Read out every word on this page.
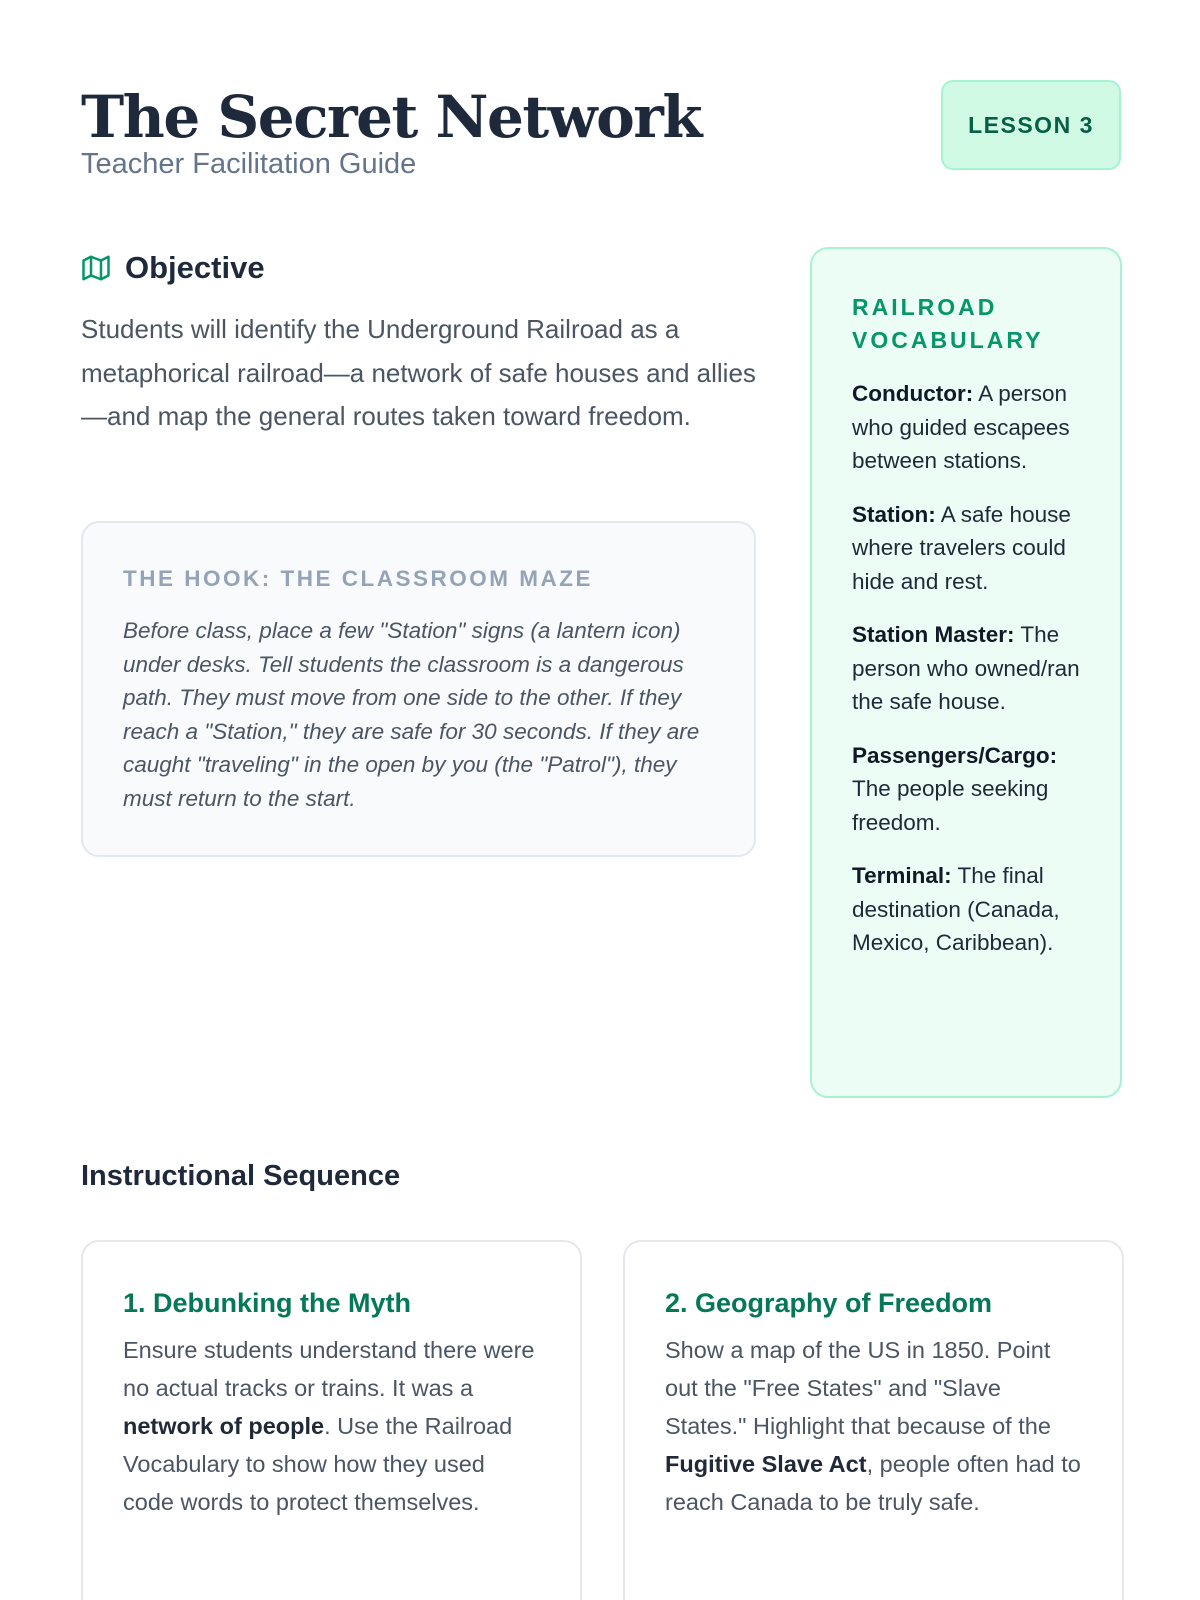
The Secret Network
Teacher Facilitation Guide
LESSON 3
Objective

Students will identify the Underground Railroad as a metaphorical railroad—a network of safe houses and allies—and map the general routes taken toward freedom.

THE HOOK: THE CLASSROOM MAZE

Before class, place a few "Station" signs (a lantern icon) under desks. Tell students the classroom is a dangerous path. They must move from one side to the other. If they reach a "Station," they are safe for 30 seconds. If they are caught "traveling" in the open by you (the "Patrol"), they must return to the start.

RAILROAD VOCABULARY
Conductor: A person who guided escapees between stations.
Station: A safe house where travelers could hide and rest.
Station Master: The person who owned/ran the safe house.
Passengers/Cargo: The people seeking freedom.
Terminal: The final destination (Canada, Mexico, Caribbean).
Instructional Sequence
1. Debunking the Myth

Ensure students understand there were no actual tracks or trains. It was a network of people. Use the Railroad Vocabulary to show how they used code words to protect themselves.

2. Geography of Freedom

Show a map of the US in 1850. Point out the "Free States" and "Slave States." Highlight that because of the Fugitive Slave Act, people often had to reach Canada to be truly safe.
